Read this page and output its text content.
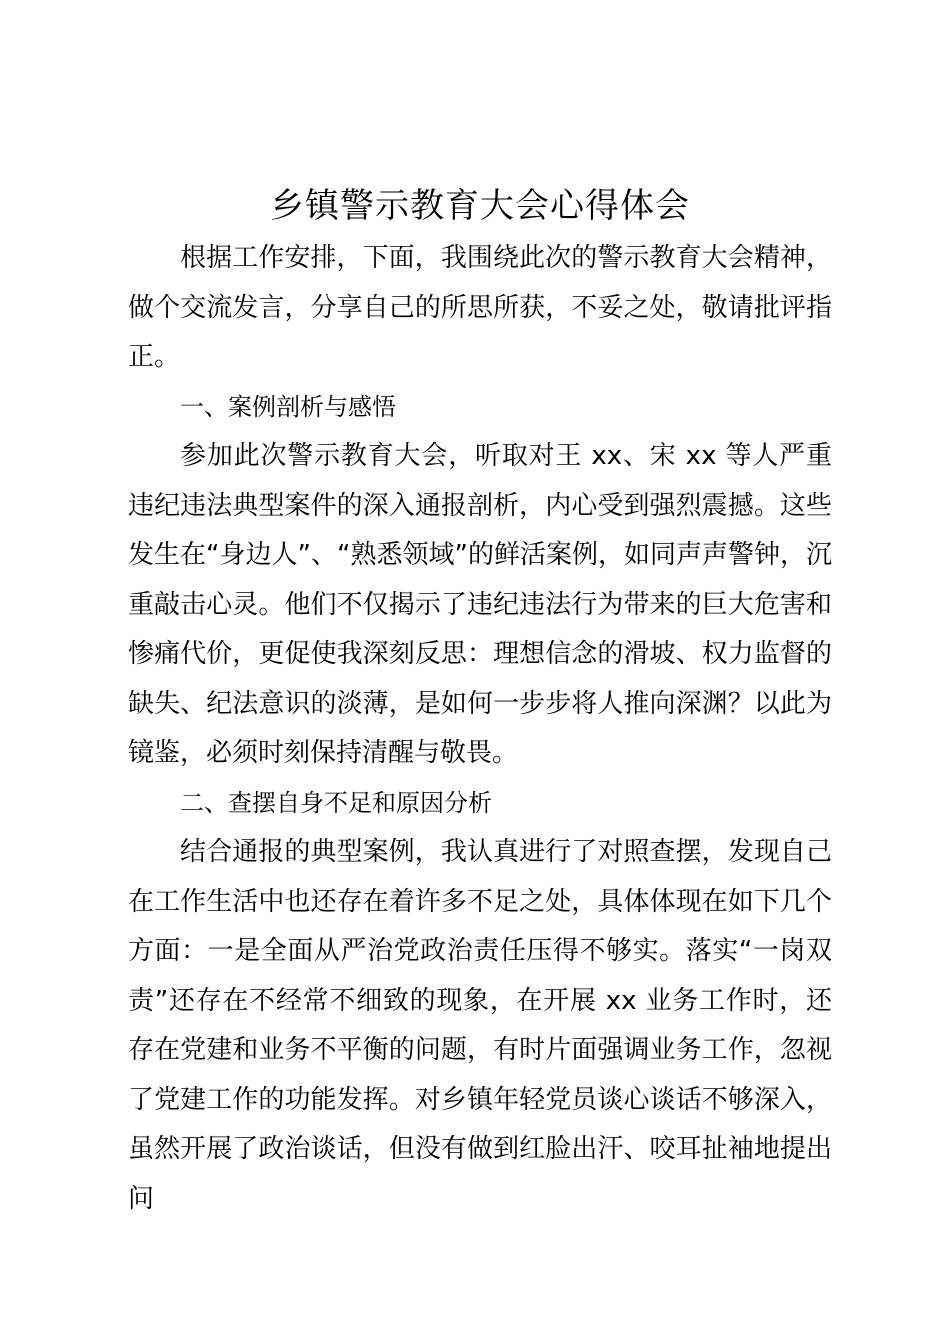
乡镇警示教育大会心得体会

根据工作安排，下面，我围绕此次的警示教育大会精神，做个交流发言，分享自己的所思所获，不妥之处，敬请批评指正。

一、案例剖析与感悟

参加此次警示教育大会，听取对王 xx、宋 xx 等人严重违纪违法典型案件的深入通报剖析，内心受到强烈震撼。这些发生在“身边人”、“熟悉领域”的鲜活案例，如同声声警钟，沉重敲击心灵。他们不仅揭示了违纪违法行为带来的巨大危害和惨痛代价，更促使我深刻反思：理想信念的滑坡、权力监督的缺失、纪法意识的淡薄，是如何一步步将人推向深渊？以此为镜鉴，必须时刻保持清醒与敬畏。

二、查摆自身不足和原因分析

结合通报的典型案例，我认真进行了对照查摆，发现自己在工作生活中也还存在着许多不足之处，具体体现在如下几个方面：一是全面从严治党政治责任压得不够实。落实“一岗双责”还存在不经常不细致的现象，在开展 xx 业务工作时，还存在党建和业务不平衡的问题，有时片面强调业务工作，忽视了党建工作的功能发挥。对乡镇年轻党员谈心谈话不够深入，虽然开展了政治谈话，但没有做到红脸出汗、咬耳扯袖地提出问
